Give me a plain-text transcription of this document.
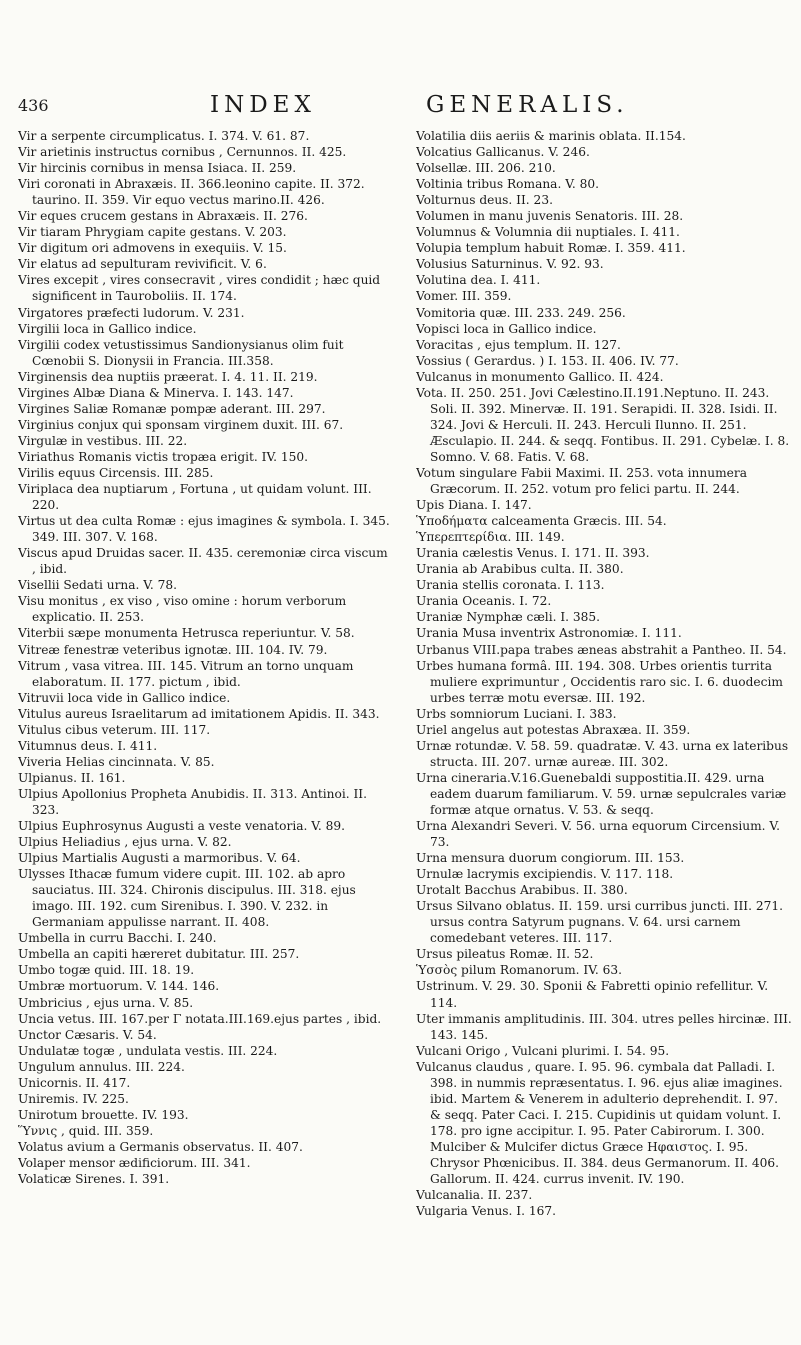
436	INDEX	GENERALIS.
Vir a serpente circumplicatus. I. 374. V. 61. 87.
Vir arietinis instructus cornibus , Cernunnos. II. 425.
Vir hircinis cornibus in mensa Isiaca. II. 259.
Viri coronati in Abraxæis. II. 366.leonino capite. II. 372. taurino. II. 359. Vir equo vectus marino.II. 426.
Vir eques crucem gestans in Abraxæis. II. 276.
Vir tiaram Phrygiam capite gestans. V. 203.
Vir digitum ori admovens in exequiis. V. 15.
Vir elatus ad sepulturam revivificit. V. 6.
Vires excepit , vires consecravit , vires condidit ; hæc quid significent in Tauroboliis. II. 174.
Virgatores præfecti ludorum. V. 231.
Virgilii loca in Gallico indice.
Virgilii codex vetustissimus Sandionysianus olim fuit Cœnobii S. Dionysii in Francia. III.358.
Virginensis dea nuptiis præerat. I. 4. 11. II. 219.
Virgines Albæ Diana & Minerva. I. 143. 147.
Virgines Saliæ Romanæ pompæ aderant. III. 297.
Virginius conjux qui sponsam virginem duxit. III. 67.
Virgulæ in vestibus. III. 22.
Viriathus Romanis victis tropæa erigit. IV. 150.
Virilis equus Circensis. III. 285.
Viriplaca dea nuptiarum , Fortuna , ut quidam volunt. III. 220.
Virtus ut dea culta Romæ : ejus imagines & symbola. I. 345. 349. III. 307. V. 168.
Viscus apud Druidas sacer. II. 435. ceremoniæ circa viscum , ibid.
Visellii Sedati urna. V. 78.
Visu monitus , ex viso , viso omine : horum verborum explicatio. II. 253.
Viterbii sæpe monumenta Hetrusca reperiuntur. V. 58.
Vitreæ fenestræ veteribus ignotæ. III. 104. IV. 79.
Vitrum , vasa vitrea. III. 145. Vitrum an torno unquam elaboratum. II. 177. pictum , ibid.
Vitruvii loca vide in Gallico indice.
Vitulus aureus Israelitarum ad imitationem Apidis. II. 343.
Vitulus cibus veterum. III. 117.
Vitumnus deus. I. 411.
Viveria Helias cincinnata. V. 85.
Ulpianus. II. 161.
Ulpius Apollonius Propheta Anubidis. II. 313. Antinoi. II. 323.
Ulpius Euphrosynus Augusti a veste venatoria. V. 89.
Ulpius Heliadius , ejus urna. V. 82.
Ulpius Martialis Augusti a marmoribus. V. 64.
Ulysses Ithacæ fumum videre cupit. III. 102. ab apro sauciatus. III. 324. Chironis discipulus. III. 318. ejus imago. III. 192. cum Sirenibus. I. 390. V. 232. in Germaniam appulisse narrant. II. 408.
Umbella in curru Bacchi. I. 240.
Umbella an capiti hæreret dubitatur. III. 257.
Umbo togæ quid. III. 18. 19.
Umbræ mortuorum. V. 144. 146.
Umbricius , ejus urna. V. 85.
Uncia vetus. III. 167.per Γ notata.III.169.ejus partes , ibid.
Unctor Cæsaris. V. 54.
Undulatæ togæ , undulata vestis. III. 224.
Ungulum annulus. III. 224.
Unicornis. II. 417.
Uniremis. IV. 225.
Unirotum brouette. IV. 193.
Ὕννις , quid. III. 359.
Volatus avium a Germanis observatus. II. 407.
Volaper mensor ædificiorum. III. 341.
Volaticæ Sirenes. I. 391.
Volatilia diis aeriis & marinis oblata. II.154.
Volcatius Gallicanus. V. 246.
Volsellæ. III. 206. 210.
Voltinia tribus Romana. V. 80.
Volturnus deus. II. 23.
Volumen in manu juvenis Senatoris. III. 28.
Volumnus & Volumnia dii nuptiales. I. 411.
Volupia templum habuit Romæ. I. 359. 411.
Volusius Saturninus. V. 92. 93.
Volutina dea. I. 411.
Vomer. III. 359.
Vomitoria quæ. III. 233. 249. 256.
Vopisci loca in Gallico indice.
Voracitas , ejus templum. II. 127.
Vossius ( Gerardus. ) I. 153. II. 406. IV. 77.
Vulcanus in monumento Gallico. II. 424.
Vota. II. 250. 251. Jovi Cælestino.II.191.Neptuno. II. 243. Soli. II. 392. Minervæ. II. 191. Serapidi. II. 328. Isidi. II. 324. Jovi & Herculi. II. 243. Herculi Ilunno. II. 251. Æsculapio. II. 244. & seqq. Fontibus. II. 291. Cybelæ. I. 8. Somno. V. 68. Fatis. V. 68.
Votum singulare Fabii Maximi. II. 253. vota innumera Græcorum. II. 252. votum pro felici partu. II. 244.
Upis Diana. I. 147.
Ὑποδήματα calceamenta Græcis. III. 54.
Ὑπερεπτερίδια. III. 149.
Urania cælestis Venus. I. 171. II. 393.
Urania ab Arabibus culta. II. 380.
Urania stellis coronata. I. 113.
Urania Oceanis. I. 72.
Uraniæ Nymphæ cæli. I. 385.
Urania Musa inventrix Astronomiæ. I. 111.
Urbanus VIII.papa trabes æneas abstrahit a Pantheo. II. 54.
Urbes humana formâ. III. 194. 308. Urbes orientis turrita muliere exprimuntur , Occidentis raro sic. I. 6. duodecim urbes terræ motu eversæ. III. 192.
Urbs somniorum Luciani. I. 383.
Uriel angelus aut potestas Abraxæa. II. 359.
Urnæ rotundæ. V. 58. 59. quadratæ. V. 43. urna ex lateribus structa. III. 207. urnæ aureæ. III. 302.
Urna cineraria.V.16.Guenebaldi suppostitia.II. 429. urna eadem duarum familiarum. V. 59. urnæ sepulcrales variæ formæ atque ornatus. V. 53. & seqq.
Urna Alexandri Severi. V. 56. urna equorum Circensium. V. 73.
Urna mensura duorum congiorum. III. 153.
Urnulæ lacrymis excipiendis. V. 117. 118.
Urotalt Bacchus Arabibus. II. 380.
Ursus Silvano oblatus. II. 159. ursi curribus juncti. III. 271. ursus contra Satyrum pugnans. V. 64. ursi carnem comedebant veteres. III. 117.
Ursus pileatus Romæ. II. 52.
Ὑσσὸς pilum Romanorum. IV. 63.
Ustrinum. V. 29. 30. Sponii & Fabretti opinio refellitur. V. 114.
Uter immanis amplitudinis. III. 304. utres pelles hircinæ. III. 143. 145.
Vulcani Origo , Vulcani plurimi. I. 54. 95.
Vulcanus claudus , quare. I. 95. 96. cymbala dat Palladi. I. 398. in nummis repræsentatus. I. 96. ejus aliæ imagines. ibid. Martem & Venerem in adulterio deprehendit. I. 97. & seqq. Pater Caci. I. 215. Cupidinis ut quidam volunt. I. 178. pro igne accipitur. I. 95. Pater Cabirorum. I. 300. Mulciber & Mulcifer dictus Græce Ηφαιστος. I. 95. Chrysor Phœnicibus. II. 384. deus Germanorum. II. 406. Gallorum. II. 424. currus invenit. IV. 190.
Vulcanalia. II. 237.
Vulgaria Venus. I. 167.
